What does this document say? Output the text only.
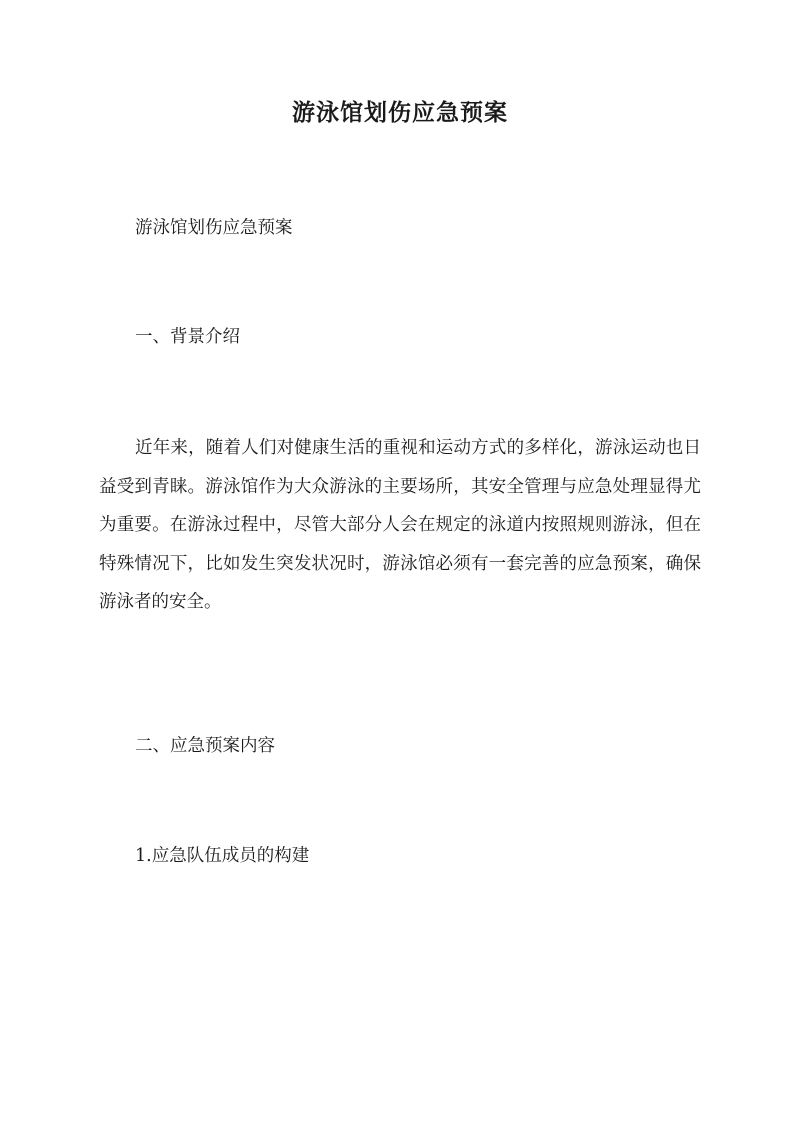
游泳馆划伤应急预案

游泳馆划伤应急预案

一、背景介绍

近年来，随着人们对健康生活的重视和运动方式的多样化，游泳运动也日益受到青睐。游泳馆作为大众游泳的主要场所，其安全管理与应急处理显得尤为重要。在游泳过程中，尽管大部分人会在规定的泳道内按照规则游泳，但在特殊情况下，比如发生突发状况时，游泳馆必须有一套完善的应急预案，确保游泳者的安全。

二、应急预案内容

1.应急队伍成员的构建
